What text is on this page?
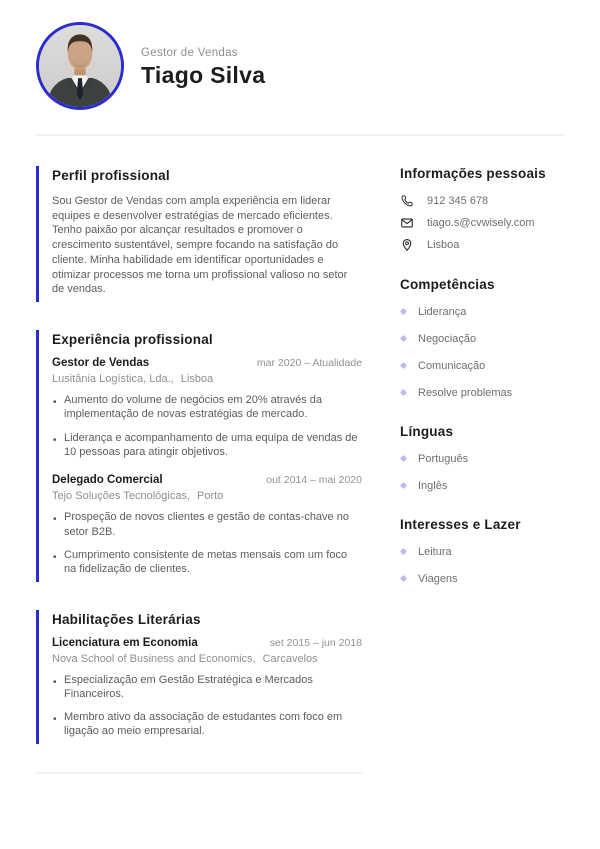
Gestor de Vendas
Tiago Silva
Perfil profissional

Sou Gestor de Vendas com ampla experiência em liderar equipes e desenvolver estratégias de mercado eficientes. Tenho paixão por alcançar resultados e promover o crescimento sustentável, sempre focando na satisfação do cliente. Minha habilidade em identificar oportunidades e otimizar processos me torna um profissional valioso no setor de vendas.

Experiência profissional
Gestor de Vendas	mar 2020 – Atualidade
Lusitânia Logística, Lda., Lisboa
• Aumento do volume de negócios em 20% através da implementação de novas estratégias de mercado.
• Liderança e acompanhamento de uma equipa de vendas de 10 pessoas para atingir objetivos.
Delegado Comercial	out 2014 – mai 2020
Tejo Soluções Tecnológicas, Porto
• Prospeção de novos clientes e gestão de contas-chave no setor B2B.
• Cumprimento consistente de metas mensais com um foco na fidelização de clientes.
Habilitações Literárias
Licenciatura em Economia	set 2015 – jun 2018
Nova School of Business and Economics, Carcavelos
• Especialização em Gestão Estratégica e Mercados Financeiros.
• Membro ativo da associação de estudantes com foco em ligação ao meio empresarial.
Informações pessoais
912 345 678
tiago.s@cvwisely.com
Lisboa
Competências
Liderança
Negociação
Comunicação
Resolve problemas
Línguas
Português
Inglês
Interesses e Lazer
Leitura
Viagens
